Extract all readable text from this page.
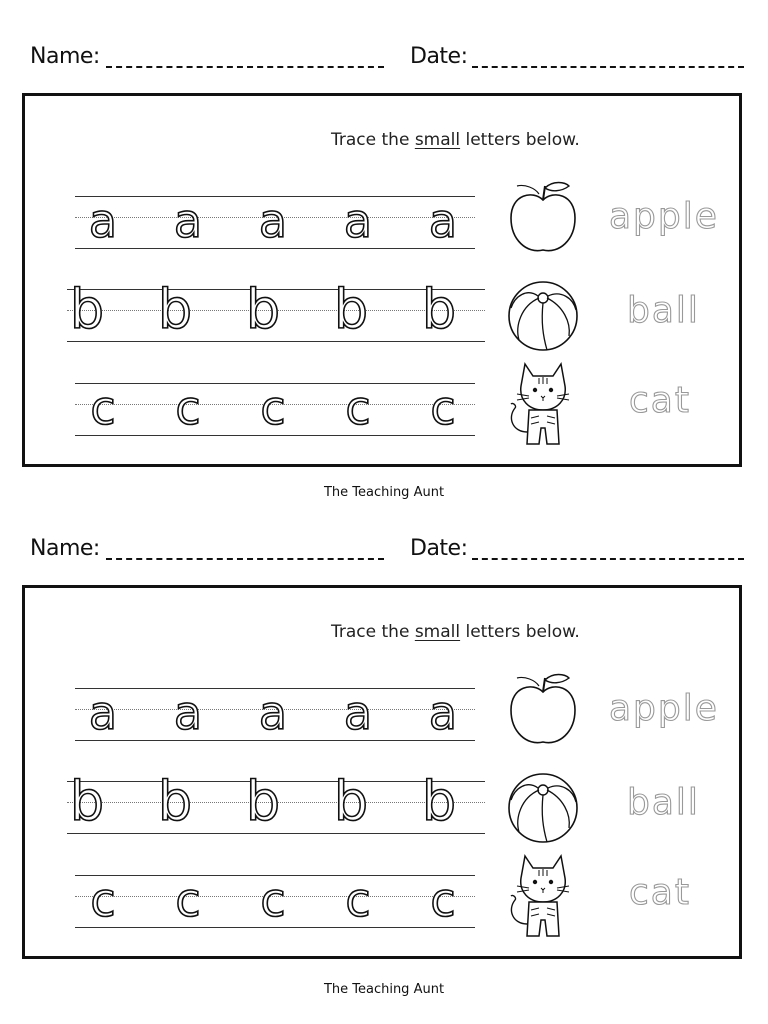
Name:	Date:
Trace the small letters below.
a a a a a
b b b b b
c c c c c
apple
ball
cat
The Teaching Aunt
Name:	Date:
Trace the small letters below.
a a a a a
b b b b b
c c c c c
apple
ball
cat
The Teaching Aunt
